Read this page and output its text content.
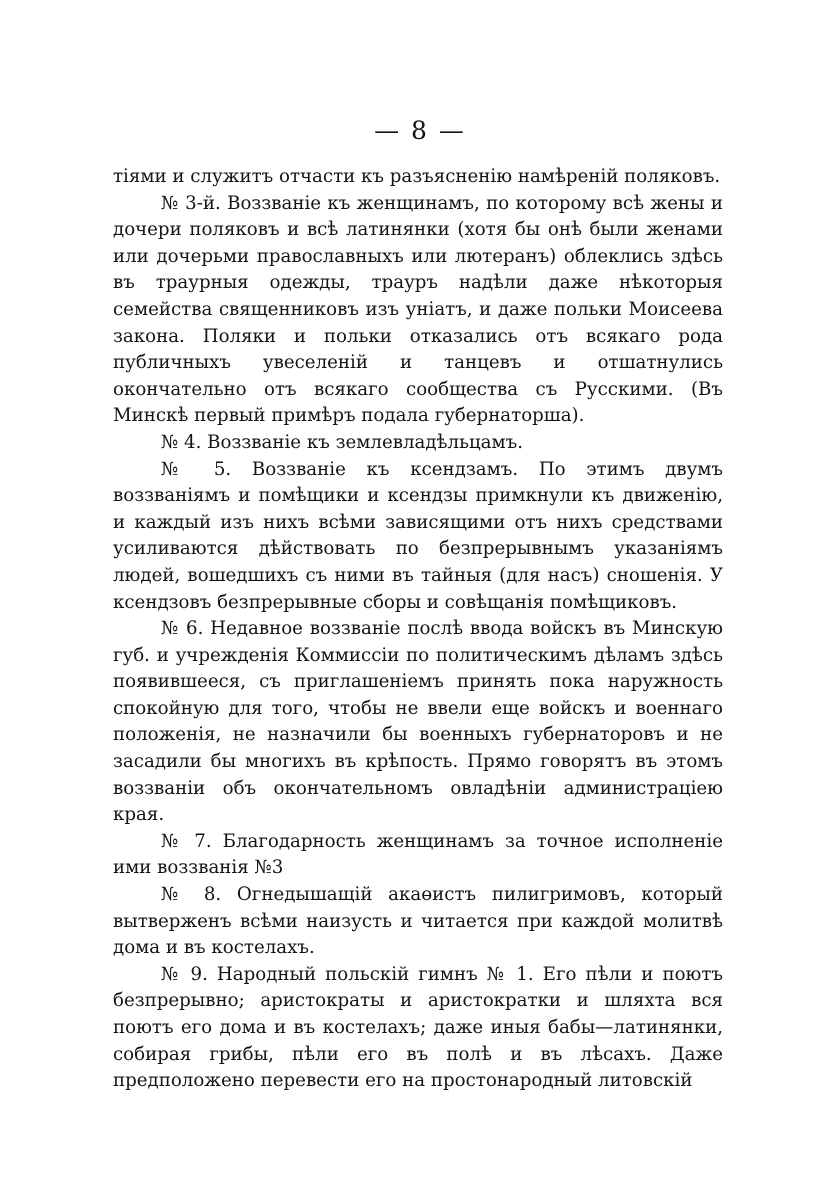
— 8 —

тіями и служитъ отчасти къ разъясненію намѣреній поляковъ.

№ 3-й. Воззваніе къ женщинамъ, по которому всѣ жены и дочери поляковъ и всѣ латинянки (хотя бы онѣ были женами или дочерьми православныхъ или лютеранъ) облеклись здѣсь въ траурныя одежды, трауръ надѣли даже нѣкоторыя семейства священниковъ изъ уніатъ, и даже польки Моисеева закона. Поляки и польки отказались отъ всякаго рода публичныхъ увеселеній и танцевъ и отшатнулись окончательно отъ всякаго сообщества съ Русскими. (Въ Минскѣ первый примѣръ подала губернаторша).

№ 4. Воззваніе къ землевладѣльцамъ.

№ 5. Воззваніе къ ксендзамъ. По этимъ двумъ воззваніямъ и помѣщики и ксендзы примкнули къ движенію, и каждый изъ нихъ всѣми зависящими отъ нихъ средствами усиливаются дѣйствовать по безпрерывнымъ указаніямъ людей, вошедшихъ съ ними въ тайныя (для насъ) сношенія. У ксендзовъ безпрерывные сборы и совѣщанія помѣщиковъ.

№ 6. Недавное воззваніе послѣ ввода войскъ въ Минскую губ. и учрежденія Коммиссіи по политическимъ дѣламъ здѣсь появившееся, съ приглашеніемъ принять пока наружность спокойную для того, чтобы не ввели еще войскъ и военнаго положенія, не назначили бы военныхъ губернаторовъ и не засадили бы многихъ въ крѣпость. Прямо говорятъ въ этомъ воззваніи объ окончательномъ овладѣніи администраціею края.

№ 7. Благодарность женщинамъ за точное исполненіе ими воззванія №3

№ 8. Огнедышащій акаөистъ пилигримовъ, который вытверженъ всѣми наизусть и читается при каждой молитвѣ дома и въ костелахъ.

№ 9. Народный польскій гимнъ № 1. Его пѣли и поютъ безпрерывно; аристократы и аристократки и шляхта вся поютъ его дома и въ костелахъ; даже иныя бабы—латинянки, собирая грибы, пѣли его въ полѣ и въ лѣсахъ. Даже предположено перевести его на простонародный литовскій
